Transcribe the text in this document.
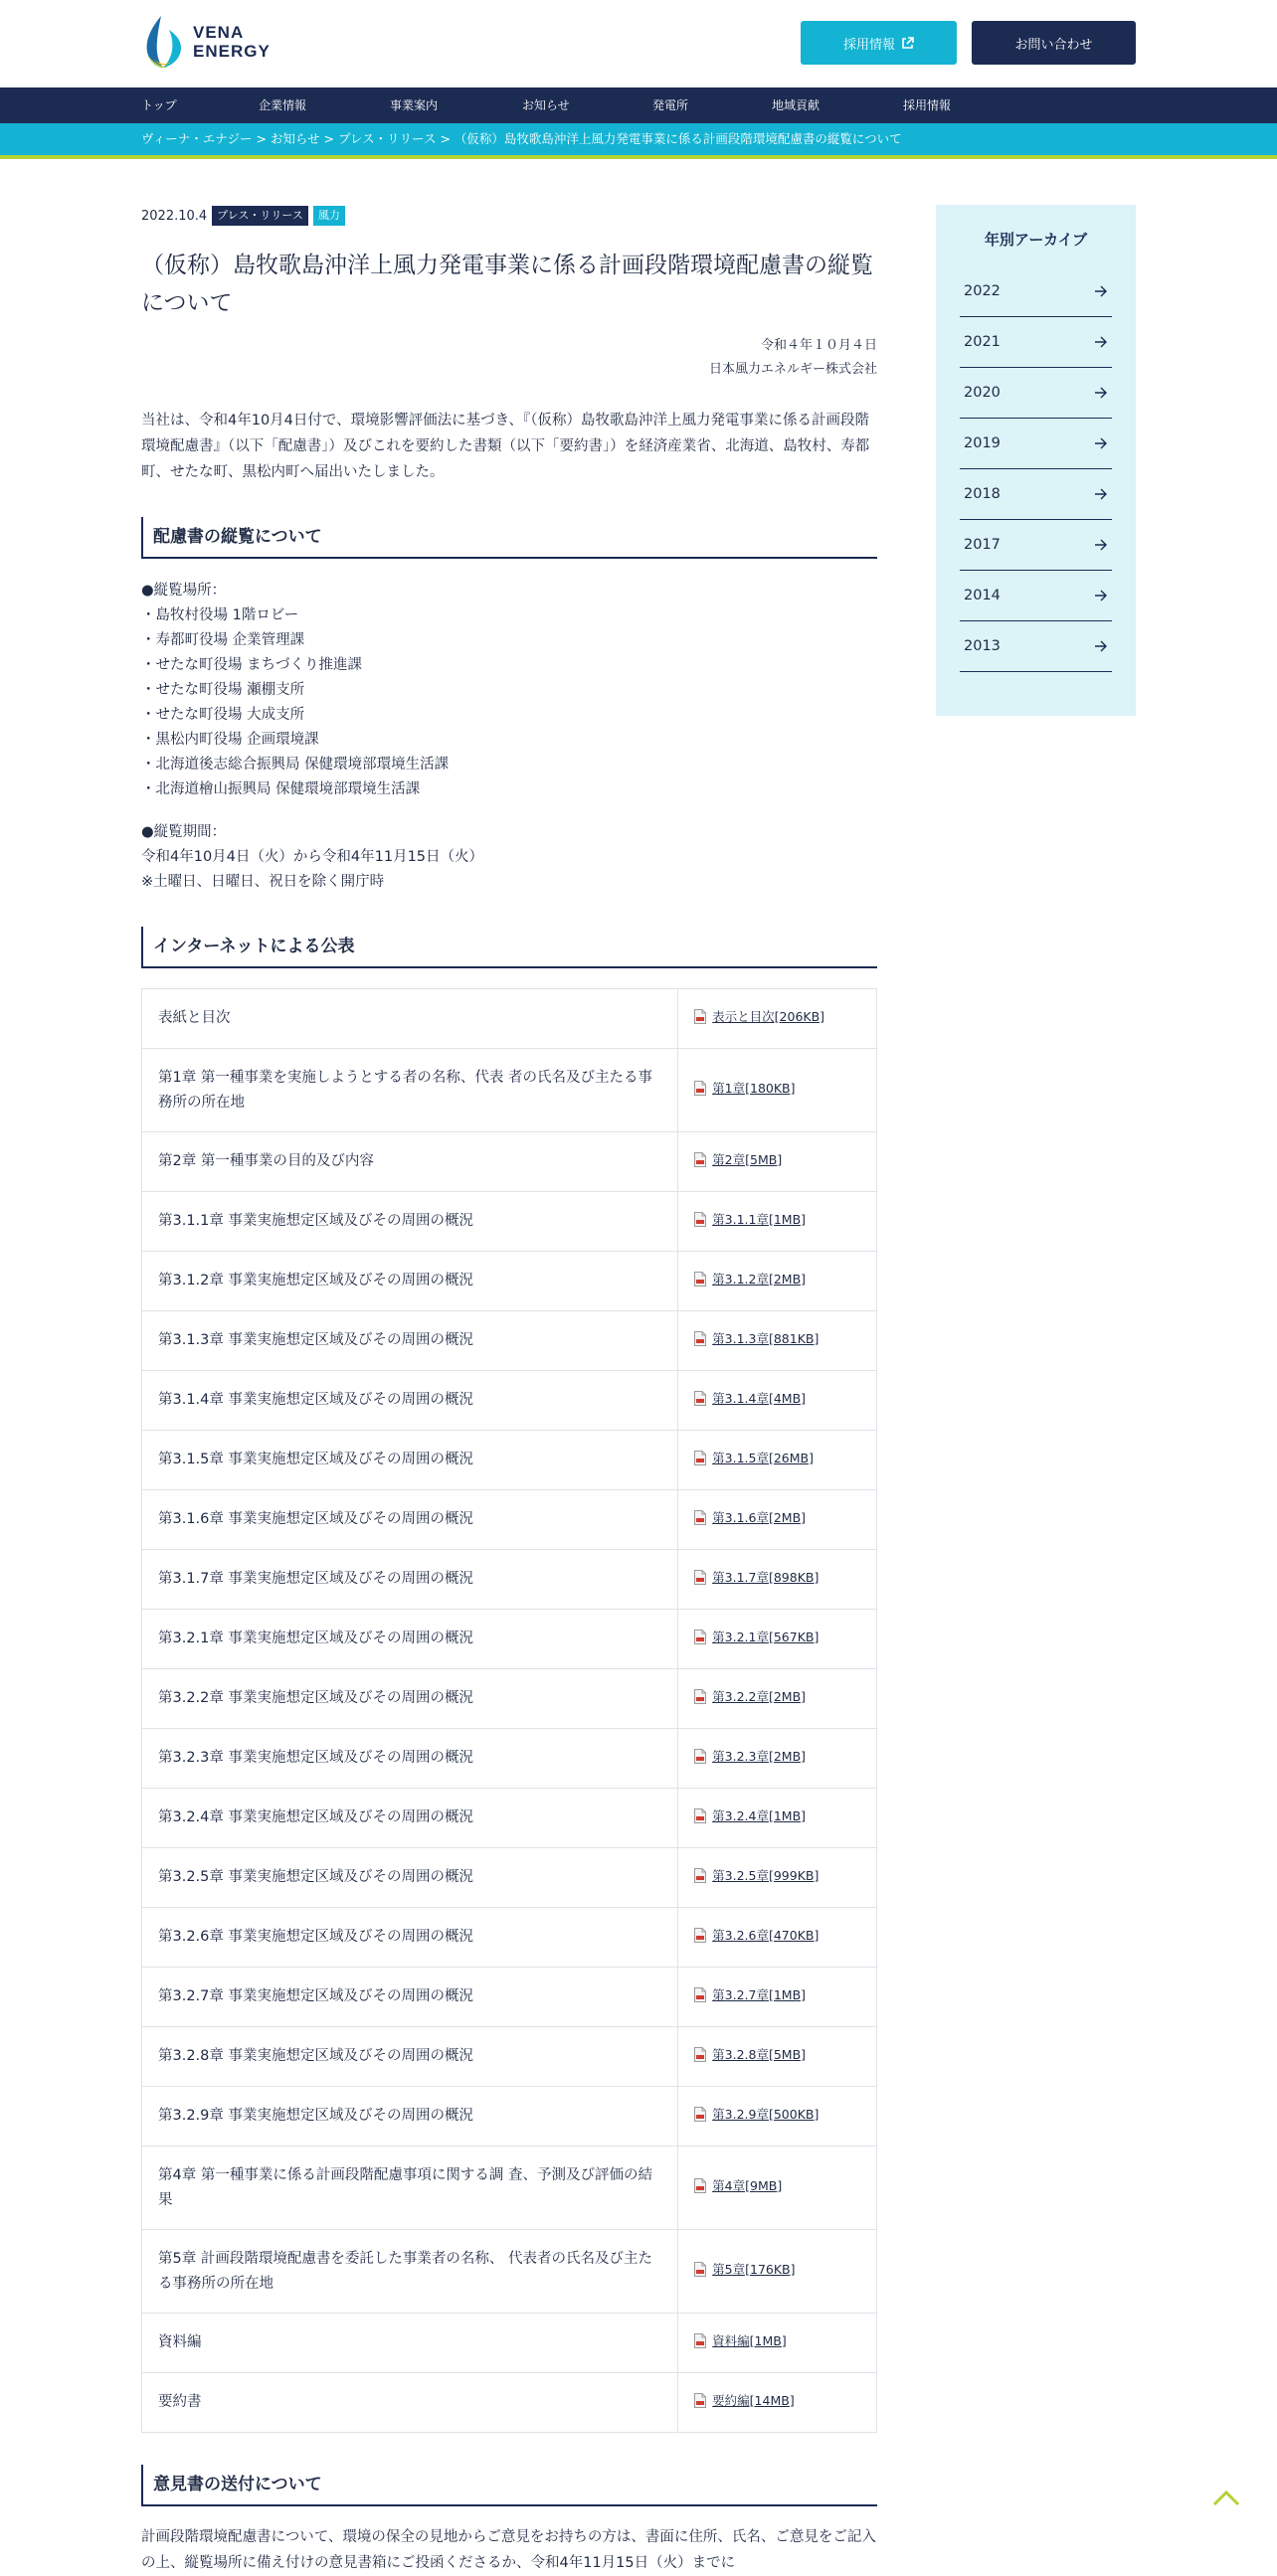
VENA
ENERGY	採用情報	お問い合わせ
トップ	企業情報	事業案内	お知らせ	発電所	地域貢献	採用情報
ヴィーナ・エナジー > お知らせ > プレス・リリース > （仮称）島牧歌島沖洋上風力発電事業に係る計画段階環境配慮書の縦覧について
2022.10.4 プレス・リリース	風力
（仮称）島牧歌島沖洋上風力発電事業に係る計画段階環境配慮書の縦覧について
令和４年１０月４日
日本風力エネルギー株式会社

当社は、令和4年10月4日付で、環境影響評価法に基づき、『（仮称）島牧歌島沖洋上風力発電事業に係る計画段階環境配慮書』（以下「配慮書」）及びこれを要約した書類（以下「要約書」）を経済産業省、北海道、島牧村、寿都町、せたな町、黒松内町へ届出いたしました。

配慮書の縦覧について
●縦覧場所：
・島牧村役場 1階ロビー
・寿都町役場 企業管理課
・せたな町役場 まちづくり推進課
・せたな町役場 瀬棚支所
・せたな町役場 大成支所
・黒松内町役場 企画環境課
・北海道後志総合振興局 保健環境部環境生活課
・北海道檜山振興局 保健環境部環境生活課
●縦覧期間：
令和4年10月4日（火）から令和4年11月15日（火）
※土曜日、日曜日、祝日を除く開庁時
インターネットによる公表
表紙と目次	表示と目次[206KB]

第1章 第一種事業を実施しようとする者の名称、代表 者の氏名及び主たる事務所の所在地	第1章[180KB]

第2章 第一種事業の目的及び内容	第2章[5MB]

第3.1.1章 事業実施想定区域及びその周囲の概況	第3.1.1章[1MB]

第3.1.2章 事業実施想定区域及びその周囲の概況	第3.1.2章[2MB]

第3.1.3章 事業実施想定区域及びその周囲の概況	第3.1.3章[881KB]

第3.1.4章 事業実施想定区域及びその周囲の概況	第3.1.4章[4MB]

第3.1.5章 事業実施想定区域及びその周囲の概況	第3.1.5章[26MB]

第3.1.6章 事業実施想定区域及びその周囲の概況	第3.1.6章[2MB]

第3.1.7章 事業実施想定区域及びその周囲の概況	第3.1.7章[898KB]

第3.2.1章 事業実施想定区域及びその周囲の概況	第3.2.1章[567KB]

第3.2.2章 事業実施想定区域及びその周囲の概況	第3.2.2章[2MB]

第3.2.3章 事業実施想定区域及びその周囲の概況	第3.2.3章[2MB]

第3.2.4章 事業実施想定区域及びその周囲の概況	第3.2.4章[1MB]

第3.2.5章 事業実施想定区域及びその周囲の概況	第3.2.5章[999KB]

第3.2.6章 事業実施想定区域及びその周囲の概況	第3.2.6章[470KB]

第3.2.7章 事業実施想定区域及びその周囲の概況	第3.2.7章[1MB]

第3.2.8章 事業実施想定区域及びその周囲の概況	第3.2.8章[5MB]

第3.2.9章 事業実施想定区域及びその周囲の概況	第3.2.9章[500KB]

第4章 第一種事業に係る計画段階配慮事項に関する調 査、予測及び評価の結果	第4章[9MB]

第5章 計画段階環境配慮書を委託した事業者の名称、 代表者の氏名及び主たる事務所の所在地	第5章[176KB]

資料編	資料編[1MB]

要約書	要約編[14MB]
意見書の送付について

計画段階環境配慮書について、環境の保全の見地からご意見をお持ちの方は、書面に住所、氏名、ご意見をご記入の上、縦覧場所に備え付けの意見書箱にご投函くださるか、令和4年11月15日（火）までに

年別アーカイブ
2022
2021
2020
2019
2018
2017
2014
2013
